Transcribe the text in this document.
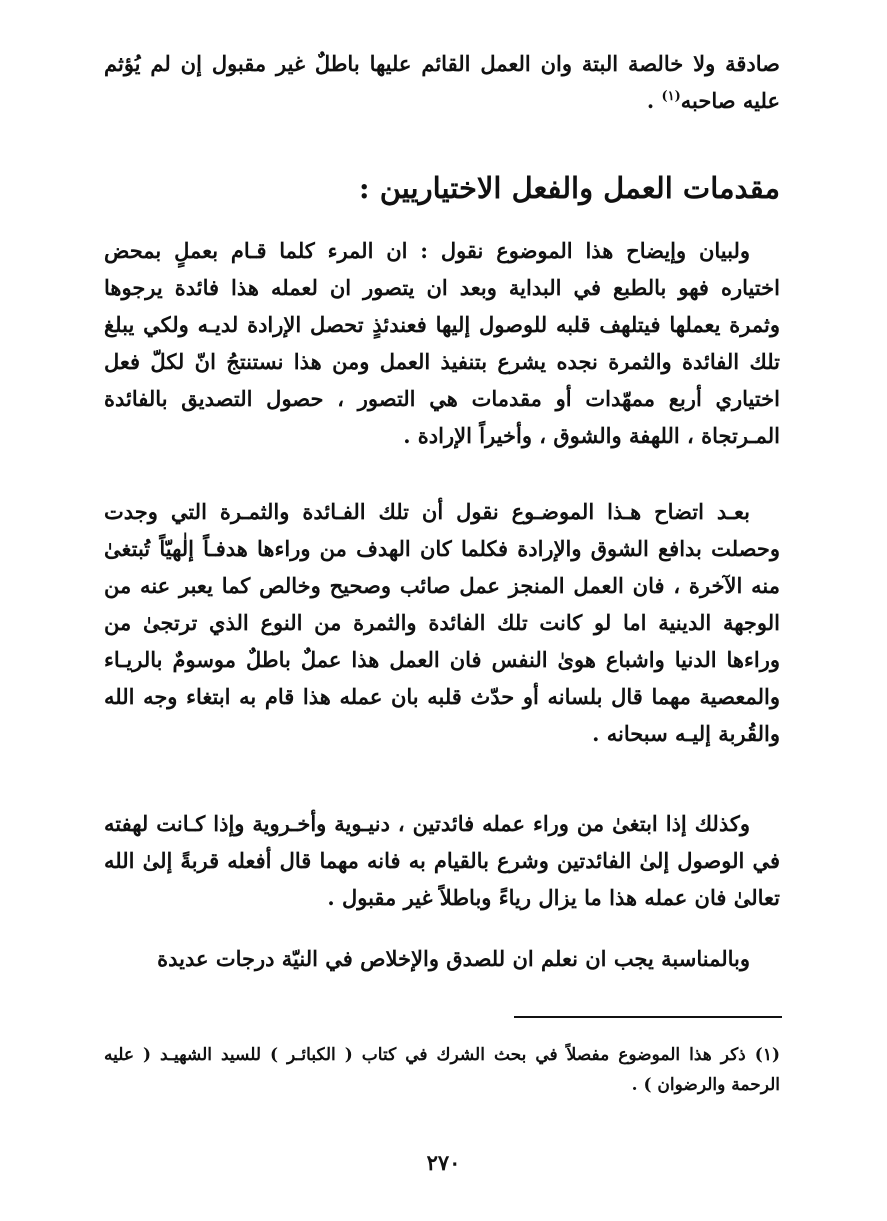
صادقة ولا خالصة البتة وان العمل القائم عليها باطلٌ غير مقبول إن لم يُؤثم عليه صاحبه$^{(١)}$ .

مقدمات العمل والفعل الاختياريين :

ولبيان وإيضاح هذا الموضوع نقول : ان المرء كلما قـام بعملٍ بمحض اختياره فهو بالطبع في البداية وبعد ان يتصور ان لعمله هذا فائدة يرجوها وثمرة يعملها فيتلهف قلبه للوصول إليها فعندئذٍ تحصل الإرادة لديـه ولكي يبلغ تلك الفائدة والثمرة نجده يشرع بتنفيذ العمل ومن هذا نستنتجُ انّ لكلّ فعل اختياري أربع ممهّدات أو مقدمات هي التصور ، حصول التصديق بالفائدة المـرتجاة ، اللهفة والشوق ، وأخيراً الإرادة .

بعـد اتضاح هـذا الموضـوع نقول أن تلك الفـائدة والثمـرة التي وجدت وحصلت بدافع الشوق والإرادة فكلما كان الهدف من وراءها هدفـاً إلٰهيّاً تُبتغىٰ منه الآخرة ، فان العمل المنجز عمل صائب وصحيح وخالص كما يعبر عنه من الوجهة الدينية اما لو كانت تلك الفائدة والثمرة من النوع الذي ترتجىٰ من وراءها الدنيا واشباع هوىٰ النفس فان العمل هذا عملٌ باطلٌ موسومٌ بالريـاء والمعصية مهما قال بلسانه أو حدّث قلبه بان عمله هذا قام به ابتغاء وجه الله والقُربة إليـه سبحانه .

وكذلك إذا ابتغىٰ من وراء عمله فائدتين ، دنيـوية وأخـروية وإذا كـانت لهفته في الوصول إلىٰ الفائدتين وشرع بالقيام به فانه مهما قال أفعله قربةً إلىٰ الله تعالىٰ فان عمله هذا ما يزال رياءً وباطلاً غير مقبول .

وبالمناسبة يجب ان نعلم ان للصدق والإخلاص في النيّة درجات عديدة

(١) ذكر هذا الموضوع مفصلاً في بحث الشرك في كتاب ( الكبائـر ) للسيد الشهيـد ( عليه الرحمة والرضوان ) .

٢٧٠
